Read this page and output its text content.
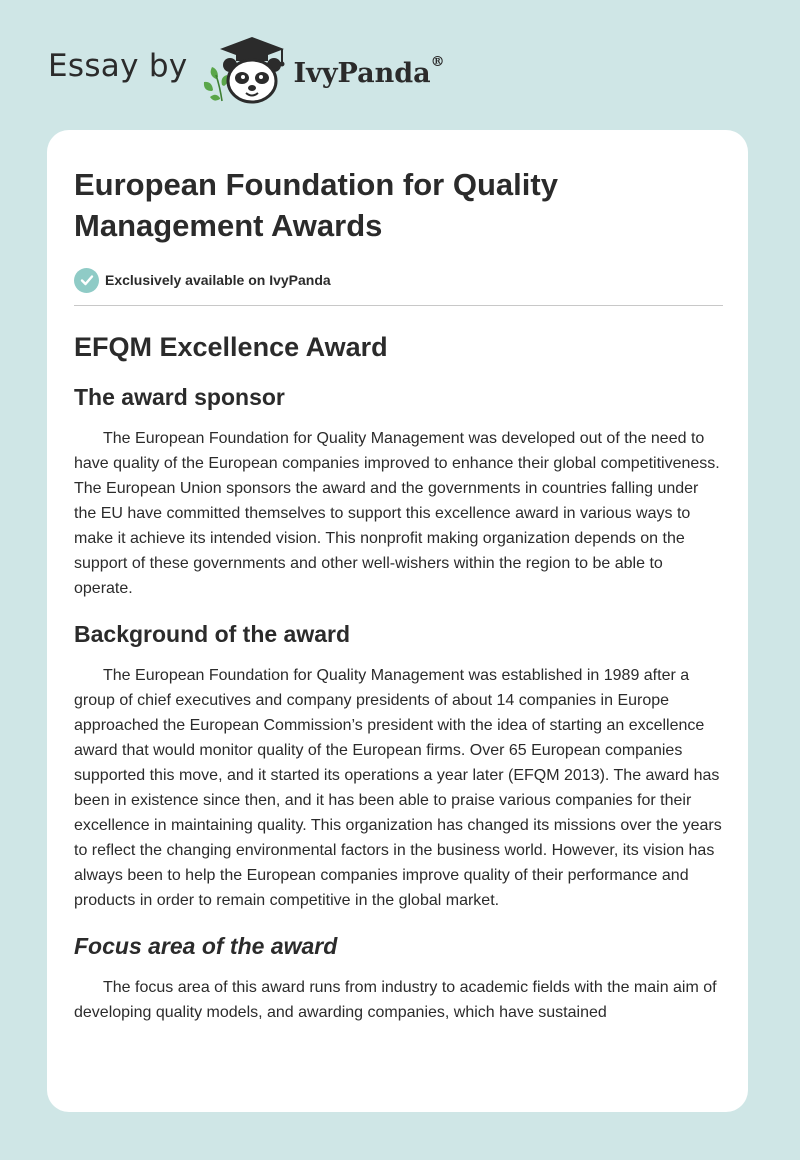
Essay by	IvyPanda®
European Foundation for Quality Management Awards
Exclusively available on IvyPanda
EFQM Excellence Award
The award sponsor

The European Foundation for Quality Management was developed out of the need to have quality of the European companies improved to enhance their global competitiveness. The European Union sponsors the award and the governments in countries falling under the EU have committed themselves to support this excellence award in various ways to make it achieve its intended vision. This nonprofit making organization depends on the support of these governments and other well-wishers within the region to be able to operate.

Background of the award

The European Foundation for Quality Management was established in 1989 after a group of chief executives and company presidents of about 14 companies in Europe approached the European Commission’s president with the idea of starting an excellence award that would monitor quality of the European firms. Over 65 European companies supported this move, and it started its operations a year later (EFQM 2013). The award has been in existence since then, and it has been able to praise various companies for their excellence in maintaining quality. This organization has changed its missions over the years to reflect the changing environmental factors in the business world. However, its vision has always been to help the European companies improve quality of their performance and products in order to remain competitive in the global market.

Focus area of the award

The focus area of this award runs from industry to academic fields with the main aim of developing quality models, and awarding companies, which have sustained
